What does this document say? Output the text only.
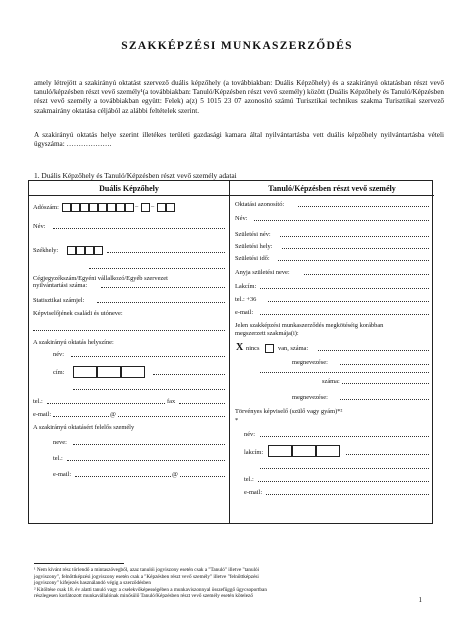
SZAKKÉPZÉSI MUNKASZERZŐDÉS
amely létrejött a szakirányú oktatást szervező duális képzőhely (a továbbiakban: Duális Képzőhely) és a szakirányú oktatásban részt vevő tanuló/képzésben részt vevő személy¹(a továbbiakban: Tanuló/Képzésben részt vevő személy) között (Duális Képzőhely és Tanuló/Képzésben részt vevő személy a továbbiakban együtt: Felek) a(z) 5 1015 23 07 azonosító számú Turisztikai technikus szakma Turisztikai szervező szakmairány oktatása céljából az alábbi feltételek szerint.
A szakirányú oktatás helye szerint illetékes területi gazdasági kamara által nyilvántartásba vett duális képzőhely nyilvántartásba vételi ügyszáma: ……………….
1. Duális Képzőhely és Tanuló/Képzésben részt vevő személy adatai
Duális Képzőhely
Adószám:	– –
Név:
Székhely:
Cégjegyzékszám/Egyéni vállalkozó/Egyéb szervezet
nyilvántartási száma:
Statisztikai számjel:
Képviselőjének családi és utóneve:
A szakirányú oktatás helyszíne:
név:
cím:
tel.:	fax
e-mail:	@
A szakirányú oktatásért felelős személy
neve:
tel.:
e-mail:	@
Tanuló/Képzésben részt vevő személy
Oktatási azonosító:
Név:
Születési név:
Születési hely:
Születési idő:
Anyja születési neve:
Lakcím:
tel.: +36
e-mail:
Jelen szakképzési munkaszerződés megkötéséig korábban
megszerzett szakmája(i):
X nincs	van, száma:
megnevezése:
száma:
megnevezése:
Törvényes képviselő (szülő vagy gyám)*²
*
név:
lakcím:
tel.:
e-mail:
¹ Nem kívánt rész törlendő a mintaszövegből, azaz tanulói jogviszony esetén csak a "Tanuló" illetve "tanulói
jogviszony", felnőttképzési jogviszony esetén csak a "Képzésben részt vevő személy" illetve "felnőttképzési
jogviszony" kifejezés használandó végig a szerződésben
² Kitöltése csak 18. év alatti tanuló vagy a cselekvőképességében a munkaviszonnyal összefüggő ügycsoportban
részlegesen korlátozott munkavállalónak minősülő Tanuló/Képzésben részt vevő személy esetén kötelező	1
